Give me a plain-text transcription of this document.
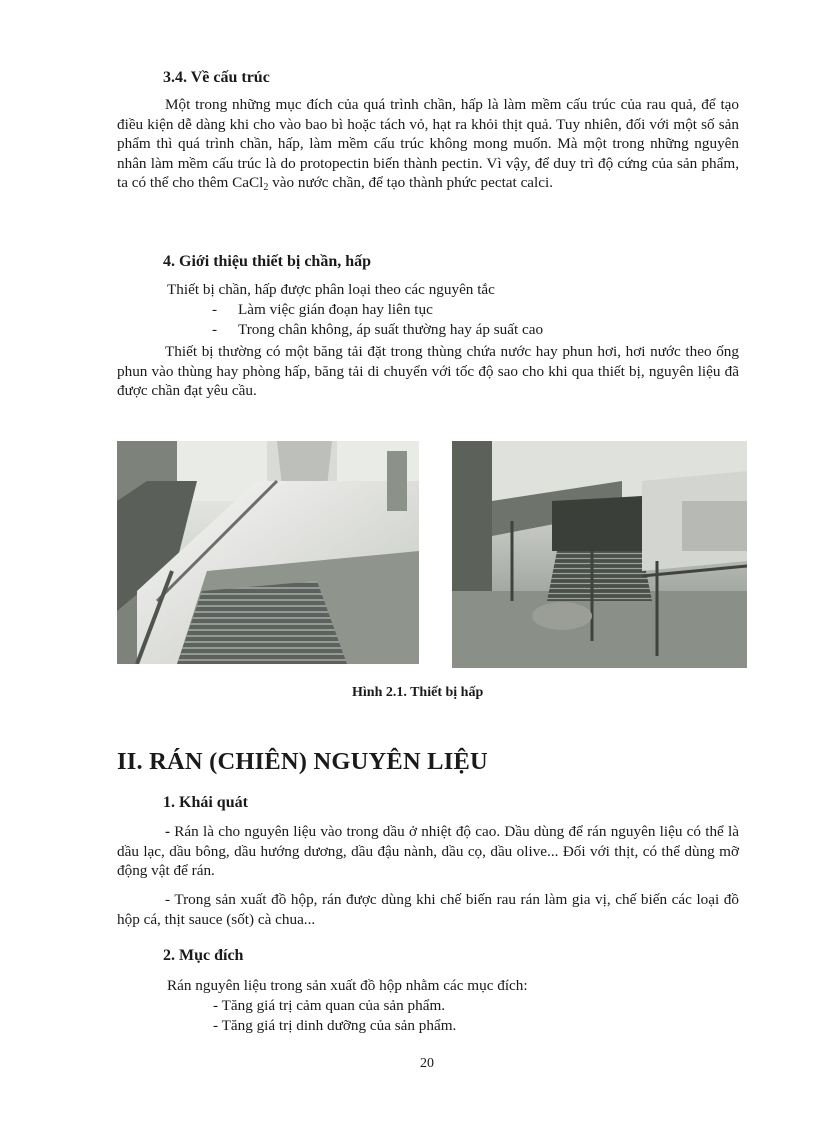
3.4. Về cấu trúc
Một trong những mục đích của quá trình chần, hấp là làm mềm cấu trúc của rau quả, để tạo điều kiện dễ dàng khi cho vào bao bì hoặc tách vỏ, hạt ra khỏi thịt quả. Tuy nhiên, đối với một số sản phẩm thì quá trình chần, hấp, làm mềm cấu trúc không mong muốn. Mà một trong những nguyên nhân làm mềm cấu trúc là do protopectin biến thành pectin. Vì vậy, để duy trì độ cứng của sản phẩm, ta có thể cho thêm CaCl$_2$ vào nước chần, để tạo thành phức pectat calci.
4. Giới thiệu thiết bị chần, hấp
Thiết bị chần, hấp được phân loại theo các nguyên tắc
- Làm việc gián đoạn hay liên tục
- Trong chân không, áp suất thường hay áp suất cao
Thiết bị thường có một băng tải đặt trong thùng chứa nước hay phun hơi, hơi nước theo ống phun vào thùng hay phòng hấp, băng tải di chuyển với tốc độ sao cho khi qua thiết bị, nguyên liệu đã được chần đạt yêu cầu.
Hình 2.1. Thiết bị hấp
II. RÁN (CHIÊN) NGUYÊN LIỆU
1. Khái quát
- Rán là cho nguyên liệu vào trong dầu ở nhiệt độ cao. Dầu dùng để rán nguyên liệu có thể là dầu lạc, dầu bông, dầu hướng dương, dầu đậu nành, dầu cọ, dầu olive... Đối với thịt, có thể dùng mỡ động vật để rán.
- Trong sản xuất đồ hộp, rán được dùng khi chế biến rau rán làm gia vị, chế biến các loại đồ hộp cá, thịt sauce (sốt) cà chua...
2. Mục đích
Rán nguyên liệu trong sản xuất đồ hộp nhằm các mục đích:
- Tăng giá trị cảm quan của sản phẩm.
- Tăng giá trị dinh dưỡng của sản phẩm.
20
